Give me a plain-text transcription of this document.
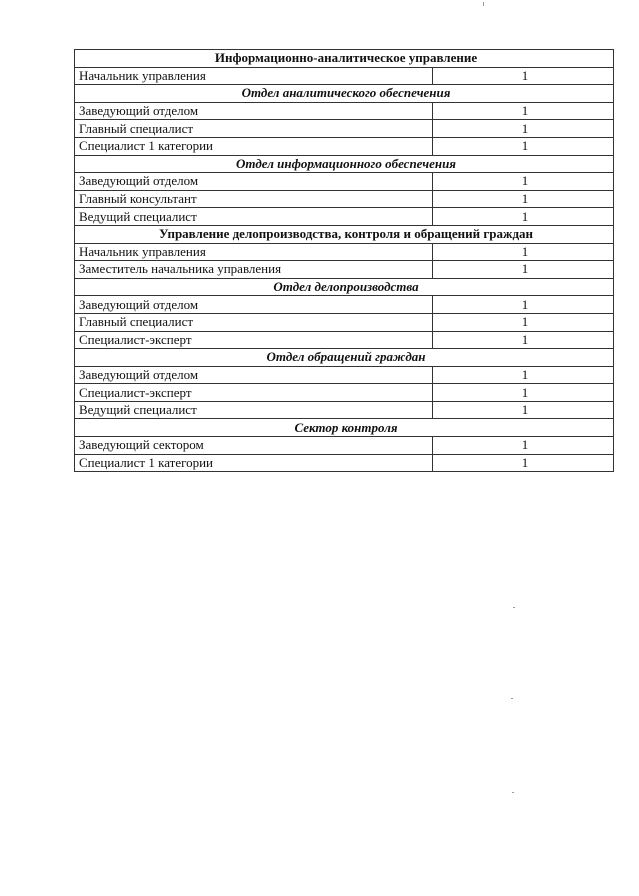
Информационно-аналитическое управление	
Начальник управления	1
Отдел аналитического обеспечения	
Заведующий отделом	1
Главный специалист	1
Специалист 1 категории	1
Отдел информационного обеспечения	
Заведующий отделом	1
Главный консультант	1
Ведущий специалист	1
Управление делопроизводства, контроля и обращений граждан	
Начальник управления	1
Заместитель начальника управления	1
Отдел делопроизводства	
Заведующий отделом	1
Главный специалист	1
Специалист-эксперт	1
Отдел обращений граждан	
Заведующий отделом	1
Специалист-эксперт	1
Ведущий специалист	1
Сектор контроля	
Заведующий сектором	1
Специалист 1 категории	1
